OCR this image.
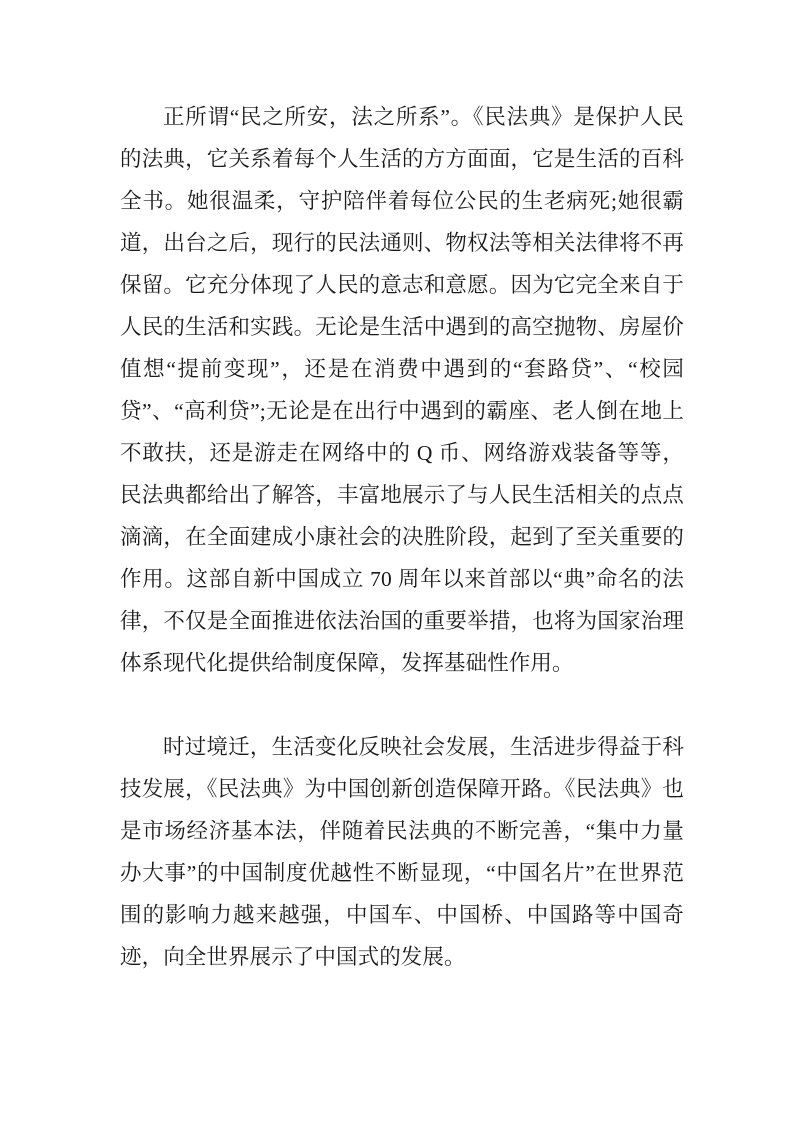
正所谓“民之所安，法之所系”。《民法典》是保护人民的法典，它关系着每个人生活的方方面面，它是生活的百科全书。她很温柔，守护陪伴着每位公民的生老病死;她很霸道，出台之后，现行的民法通则、物权法等相关法律将不再保留。它充分体现了人民的意志和意愿。因为它完全来自于人民的生活和实践。无论是生活中遇到的高空抛物、房屋价值想“提前变现”，还是在消费中遇到的“套路贷”、“校园贷”、“高利贷”;无论是在出行中遇到的霸座、老人倒在地上不敢扶，还是游走在网络中的 Q 币、网络游戏装备等等，民法典都给出了解答，丰富地展示了与人民生活相关的点点滴滴，在全面建成小康社会的决胜阶段，起到了至关重要的作用。这部自新中国成立 70 周年以来首部以“典”命名的法律，不仅是全面推进依法治国的重要举措，也将为国家治理体系现代化提供给制度保障，发挥基础性作用。

时过境迁，生活变化反映社会发展，生活进步得益于科技发展，《民法典》为中国创新创造保障开路。《民法典》也是市场经济基本法，伴随着民法典的不断完善，“集中力量办大事”的中国制度优越性不断显现，“中国名片”在世界范围的影响力越来越强，中国车、中国桥、中国路等中国奇迹，向全世界展示了中国式的发展。
